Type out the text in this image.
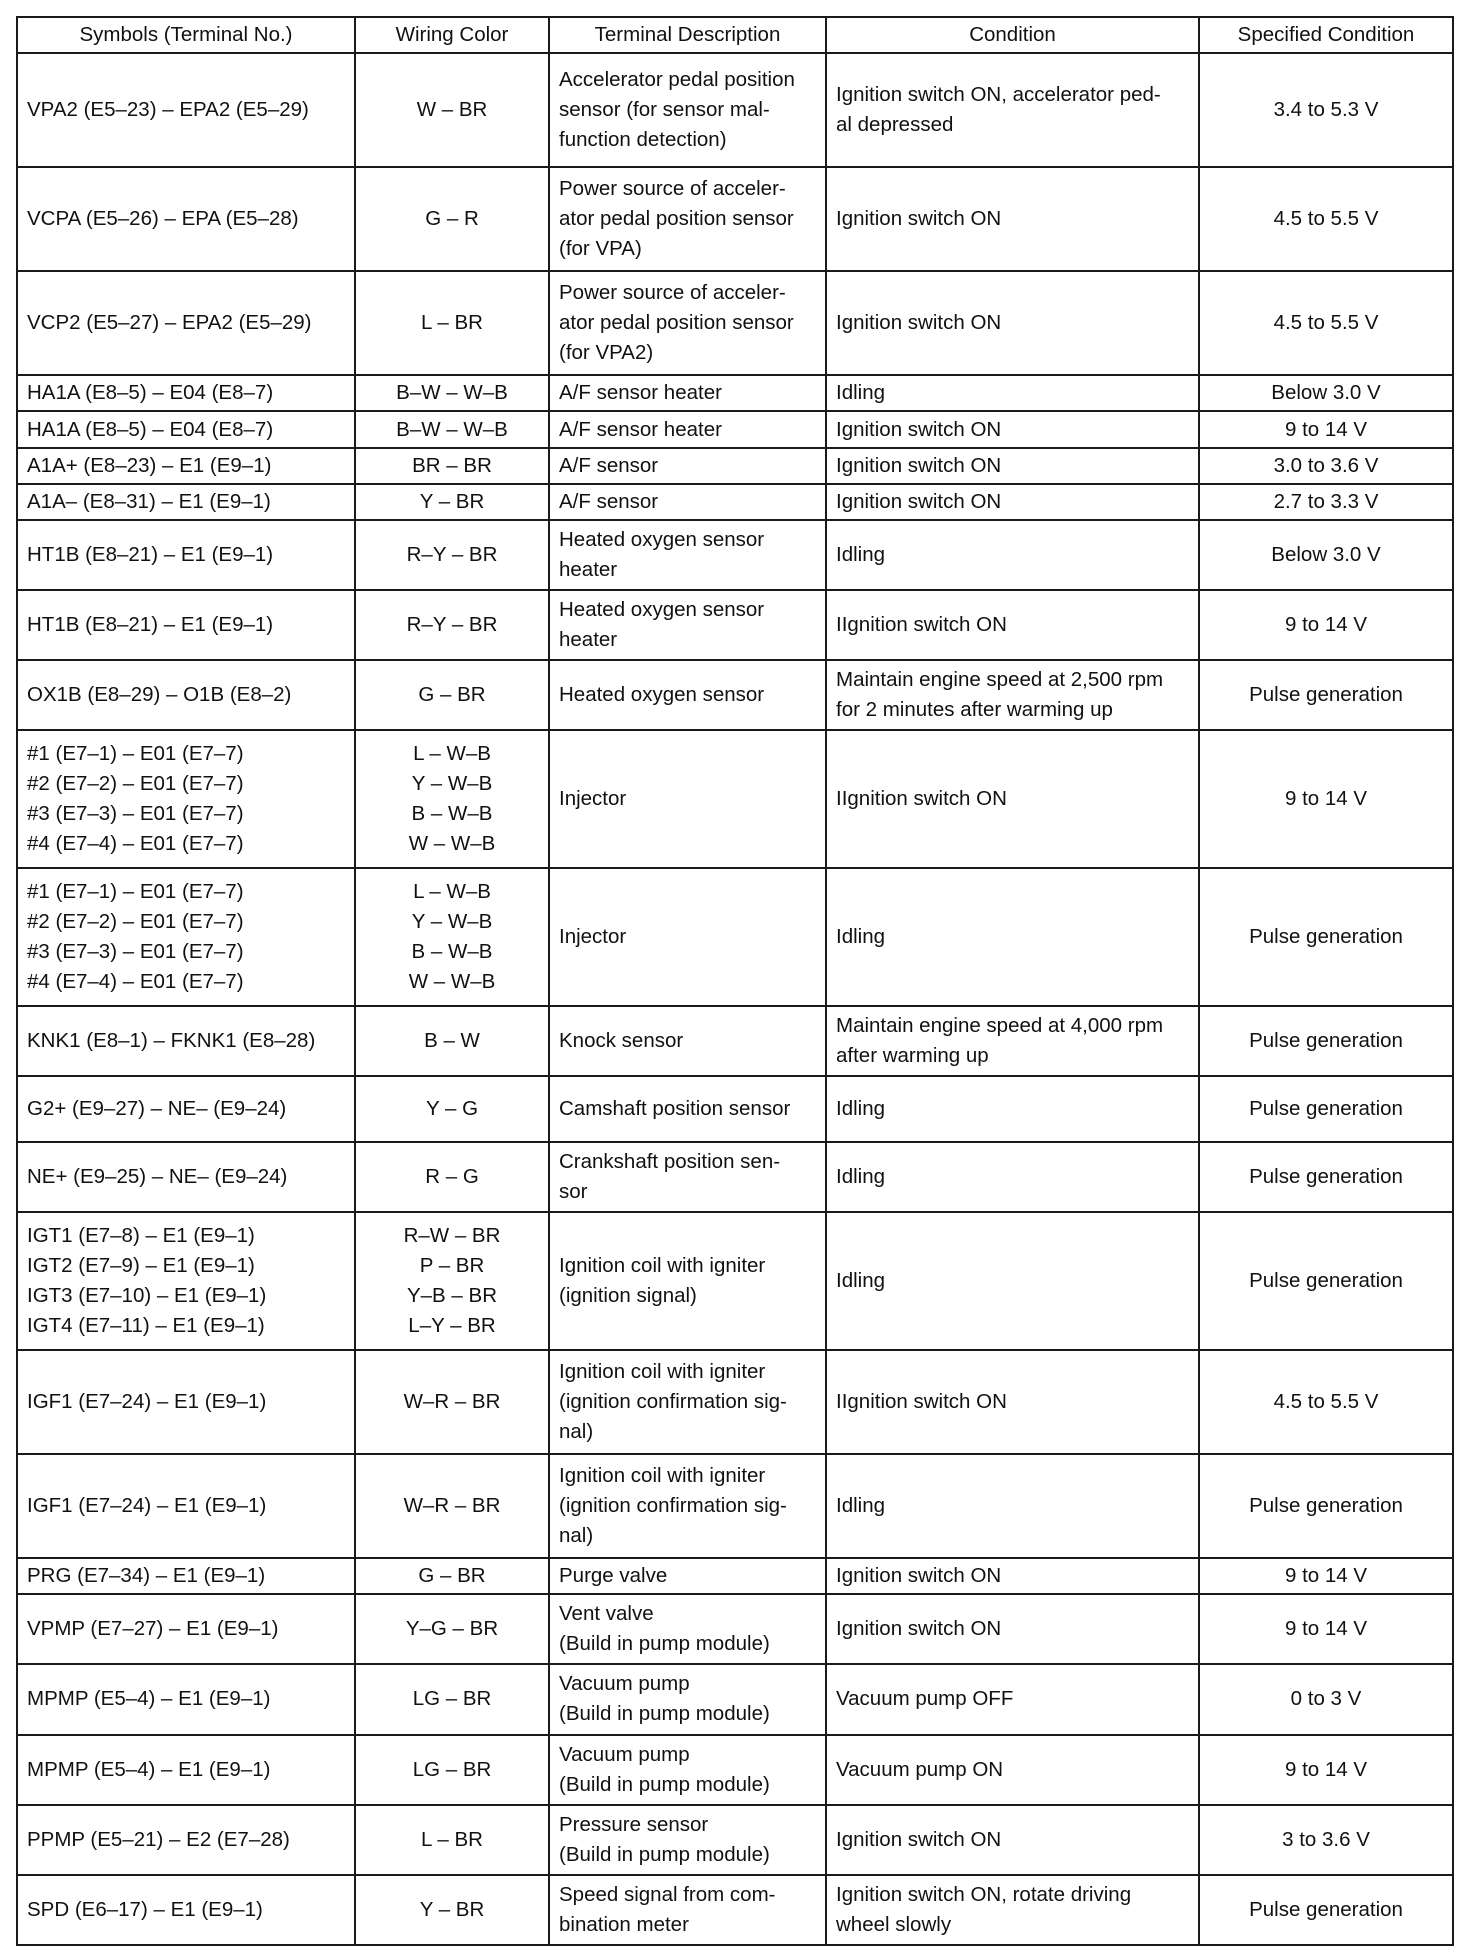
Symbols (Terminal No.)	Wiring Color	Terminal Description	Condition	Specified Condition

VPA2 (E5–23) – EPA2 (E5–29)	W – BR	Accelerator pedal position
sensor (for sensor mal-
function detection)	Ignition switch ON, accelerator ped-
al depressed	3.4 to 5.3 V

VCPA (E5–26) – EPA (E5–28)	G – R	Power source of acceler-
ator pedal position sensor
(for VPA)	Ignition switch ON	4.5 to 5.5 V

VCP2 (E5–27) – EPA2 (E5–29)	L – BR	Power source of acceler-
ator pedal position sensor
(for VPA2)	Ignition switch ON	4.5 to 5.5 V

HA1A (E8–5) – E04 (E8–7)	B–W – W–B	A/F sensor heater	Idling	Below 3.0 V

HA1A (E8–5) – E04 (E8–7)	B–W – W–B	A/F sensor heater	Ignition switch ON	9 to 14 V

A1A+ (E8–23) – E1 (E9–1)	BR – BR	A/F sensor	Ignition switch ON	3.0 to 3.6 V

A1A– (E8–31) – E1 (E9–1)	Y – BR	A/F sensor	Ignition switch ON	2.7 to 3.3 V

HT1B (E8–21) – E1 (E9–1)	R–Y – BR	Heated oxygen sensor
heater	Idling	Below 3.0 V

HT1B (E8–21) – E1 (E9–1)	R–Y – BR	Heated oxygen sensor
heater	IIgnition switch ON	9 to 14 V

OX1B (E8–29) – O1B (E8–2)	G – BR	Heated oxygen sensor	Maintain engine speed at 2,500 rpm
for 2 minutes after warming up	Pulse generation

#1 (E7–1) – E01 (E7–7)
#2 (E7–2) – E01 (E7–7)
#3 (E7–3) – E01 (E7–7)
#4 (E7–4) – E01 (E7–7)	L – W–B
Y – W–B
B – W–B
W – W–B	Injector	IIgnition switch ON	9 to 14 V

#1 (E7–1) – E01 (E7–7)
#2 (E7–2) – E01 (E7–7)
#3 (E7–3) – E01 (E7–7)
#4 (E7–4) – E01 (E7–7)	L – W–B
Y – W–B
B – W–B
W – W–B	Injector	Idling	Pulse generation

KNK1 (E8–1) – FKNK1 (E8–28)	B – W	Knock sensor	Maintain engine speed at 4,000 rpm
after warming up	Pulse generation

G2+ (E9–27) – NE– (E9–24)	Y – G	Camshaft position sensor	Idling	Pulse generation

NE+ (E9–25) – NE– (E9–24)	R – G	Crankshaft position sen-
sor	Idling	Pulse generation

IGT1 (E7–8) – E1 (E9–1)
IGT2 (E7–9) – E1 (E9–1)
IGT3 (E7–10) – E1 (E9–1)
IGT4 (E7–11) – E1 (E9–1)	R–W – BR
P – BR
Y–B – BR
L–Y – BR	Ignition coil with igniter
(ignition signal)	Idling	Pulse generation

IGF1 (E7–24) – E1 (E9–1)	W–R – BR	Ignition coil with igniter
(ignition confirmation sig-
nal)	IIgnition switch ON	4.5 to 5.5 V

IGF1 (E7–24) – E1 (E9–1)	W–R – BR	Ignition coil with igniter
(ignition confirmation sig-
nal)	Idling	Pulse generation

PRG (E7–34) – E1 (E9–1)	G – BR	Purge valve	Ignition switch ON	9 to 14 V

VPMP (E7–27) – E1 (E9–1)	Y–G – BR	Vent valve
(Build in pump module)	Ignition switch ON	9 to 14 V

MPMP (E5–4) – E1 (E9–1)	LG – BR	Vacuum pump
(Build in pump module)	Vacuum pump OFF	0 to 3 V

MPMP (E5–4) – E1 (E9–1)	LG – BR	Vacuum pump
(Build in pump module)	Vacuum pump ON	9 to 14 V

PPMP (E5–21) – E2 (E7–28)	L – BR	Pressure sensor
(Build in pump module)	Ignition switch ON	3 to 3.6 V

SPD (E6–17) – E1 (E9–1)	Y – BR	Speed signal from com-
bination meter	Ignition switch ON, rotate driving
wheel slowly	Pulse generation
